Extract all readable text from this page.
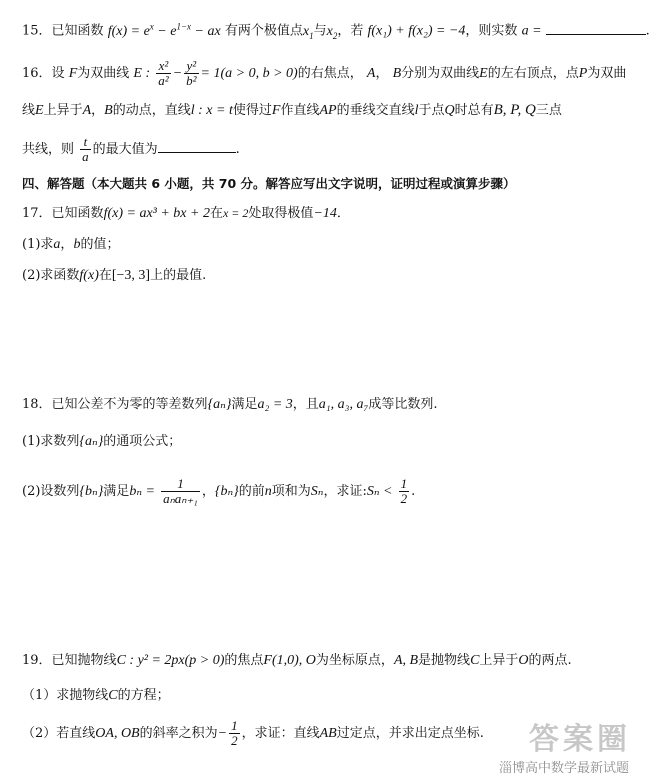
15．已知函数 $f(x) = e^x - e^{1-x}$ − ax 有两个极值点$x_1$与$x_2$，若 f(x₁) + f(x₂) = −4，则实数 a =	.
16．设 F为双曲线 E : $\frac{\text{x²}}{\text{a²}} - \frac{\text{y²}}{\text{b²}} = 1(a > 0$, b > 0)的右焦点， A， B分别为双曲线E的左右顶点，点P为双曲
线E上异于A，B的动点，直线l : x = t使得过F作直线AP的垂线交直线l于点Q时总有B, P, Q三点
共线，则 $\frac{t}{a}$ 的最大值为	.
四、解答题（本大题共 6 小题，共 70 分。解答应写出文字说明，证明过程或演算步骤）
17．已知函数f(x) = ax³ + bx + 2在x = 2处取得极值−14．
(1)求a，b的值；
(2)求函数f(x)在[−3, 3]上的最值.
18．已知公差不为零的等差数列{aₙ}满足a₂ = 3，且a₁, a₃, a₇成等比数列.
(1)求数列{aₙ}的通项公式；
(2)设数列{bₙ}满足$b_n = \frac{1}{\text{aₙaₙ₊₁}}$ ，{bₙ}的前n项和为Sₙ，求证:Sₙ < $\frac{1}{2}$ .
19．已知抛物线C : y² = 2px(p > 0)的焦点F(1,0), O为坐标原点，A, B是抛物线C上异于O的两点.
（1）求抛物线C的方程；
（2）若直线OA, OB的斜率之积为− $\frac{1}{2}$ ，求证：直线AB过定点，并求出定点坐标.	答案圈
淄博高中数学最新试题
